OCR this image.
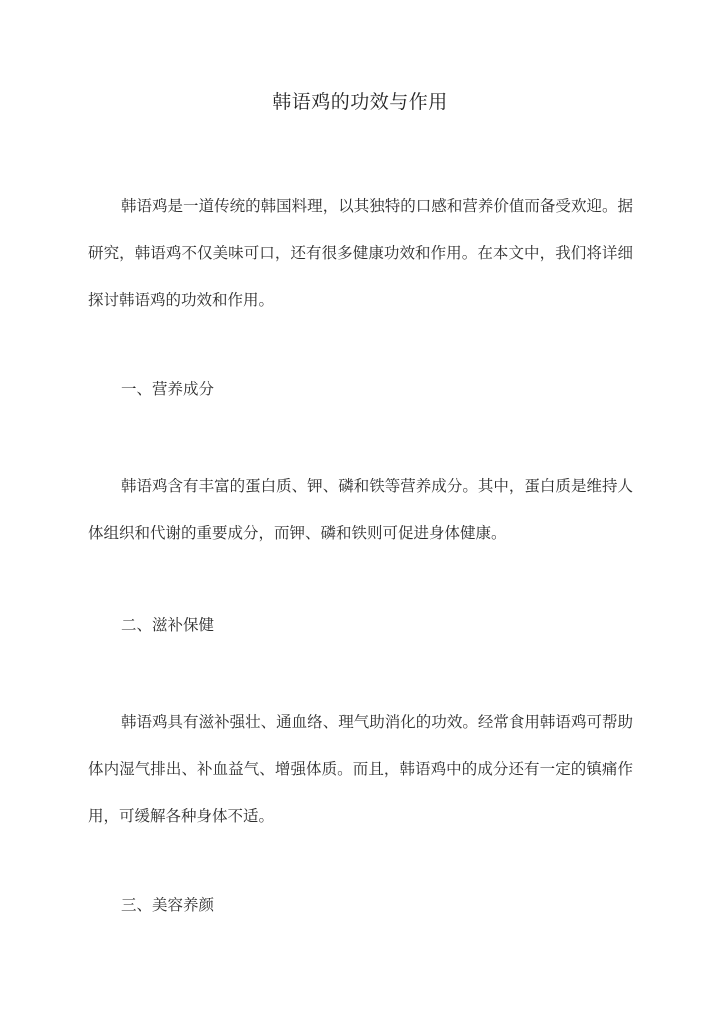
韩语鸡的功效与作用

韩语鸡是一道传统的韩国料理，以其独特的口感和营养价值而备受欢迎。据研究，韩语鸡不仅美味可口，还有很多健康功效和作用。在本文中，我们将详细探讨韩语鸡的功效和作用。

一、营养成分

韩语鸡含有丰富的蛋白质、钾、磷和铁等营养成分。其中，蛋白质是维持人体组织和代谢的重要成分，而钾、磷和铁则可促进身体健康。

二、滋补保健

韩语鸡具有滋补强壮、通血络、理气助消化的功效。经常食用韩语鸡可帮助体内湿气排出、补血益气、增强体质。而且，韩语鸡中的成分还有一定的镇痛作用，可缓解各种身体不适。

三、美容养颜
